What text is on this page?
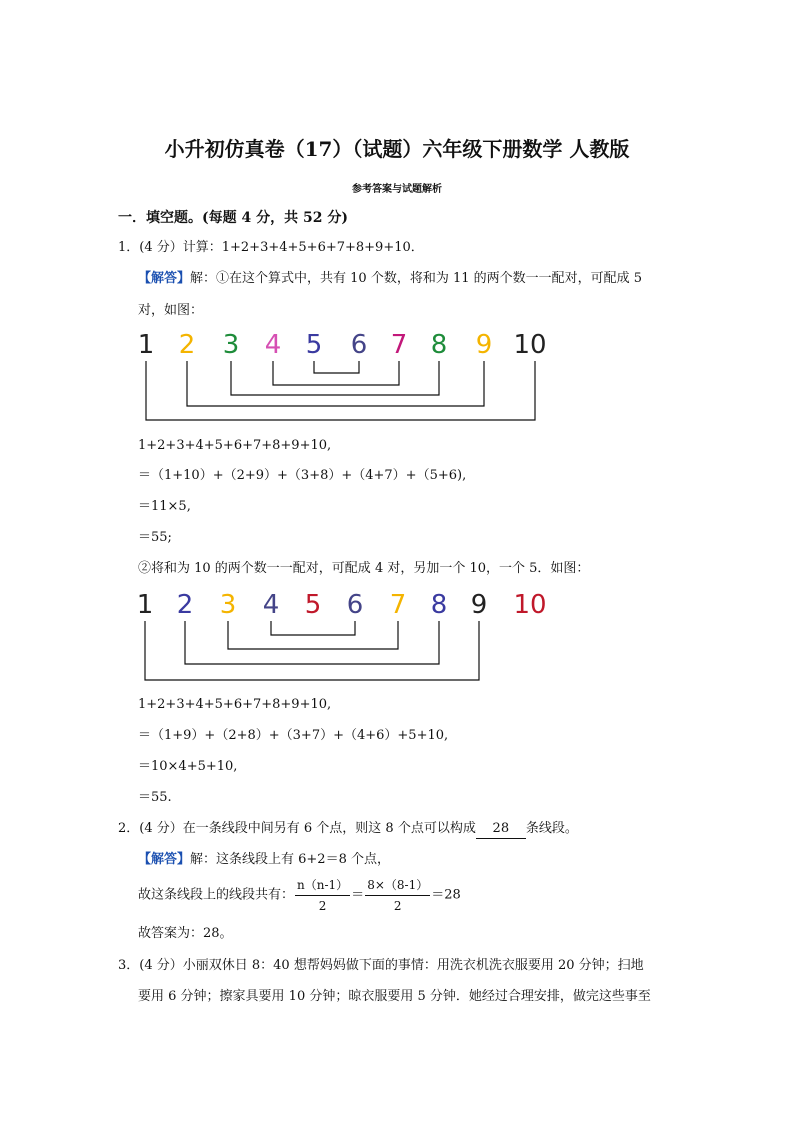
小升初仿真卷（17）（试题）六年级下册数学 人教版
参考答案与试题解析
一．填空题。(每题 4 分，共 52 分)
1．(4 分）计算：1+2+3+4+5+6+7+8+9+10．
【解答】解：①在这个算式中，共有 10 个数，将和为 11 的两个数一一配对，可配成 5
对，如图：
1 2 3 4 5 6 7 8 9 10
1+2+3+4+5+6+7+8+9+10,
＝（1+10）+（2+9）+（3+8）+（4+7）+（5+6),
＝11×5,
＝55;
②将和为 10 的两个数一一配对，可配成 4 对，另加一个 10，一个 5．如图：
1 2 3 4 5 6 7 8 9 10
1+2+3+4+5+6+7+8+9+10,
＝（1+9）+（2+8）+（3+7）+（4+6）+5+10,
＝10×4+5+10,
＝55.
2．(4 分）在一条线段中间另有 6 个点，则这 8 个点可以构成 28 条线段。
【解答】解：这条线段上有 6+2＝8 个点，
故这条线段上的线段共有： $\frac{n(n-1)}{2} = \frac{8\times(8-1)}{2} =28$
故答案为：28。
3．(4 分）小丽双休日 8：40 想帮妈妈做下面的事情：用洗衣机洗衣服要用 20 分钟；扫地
要用 6 分钟；擦家具要用 10 分钟；晾衣服要用 5 分钟．她经过合理安排，做完这些事至
